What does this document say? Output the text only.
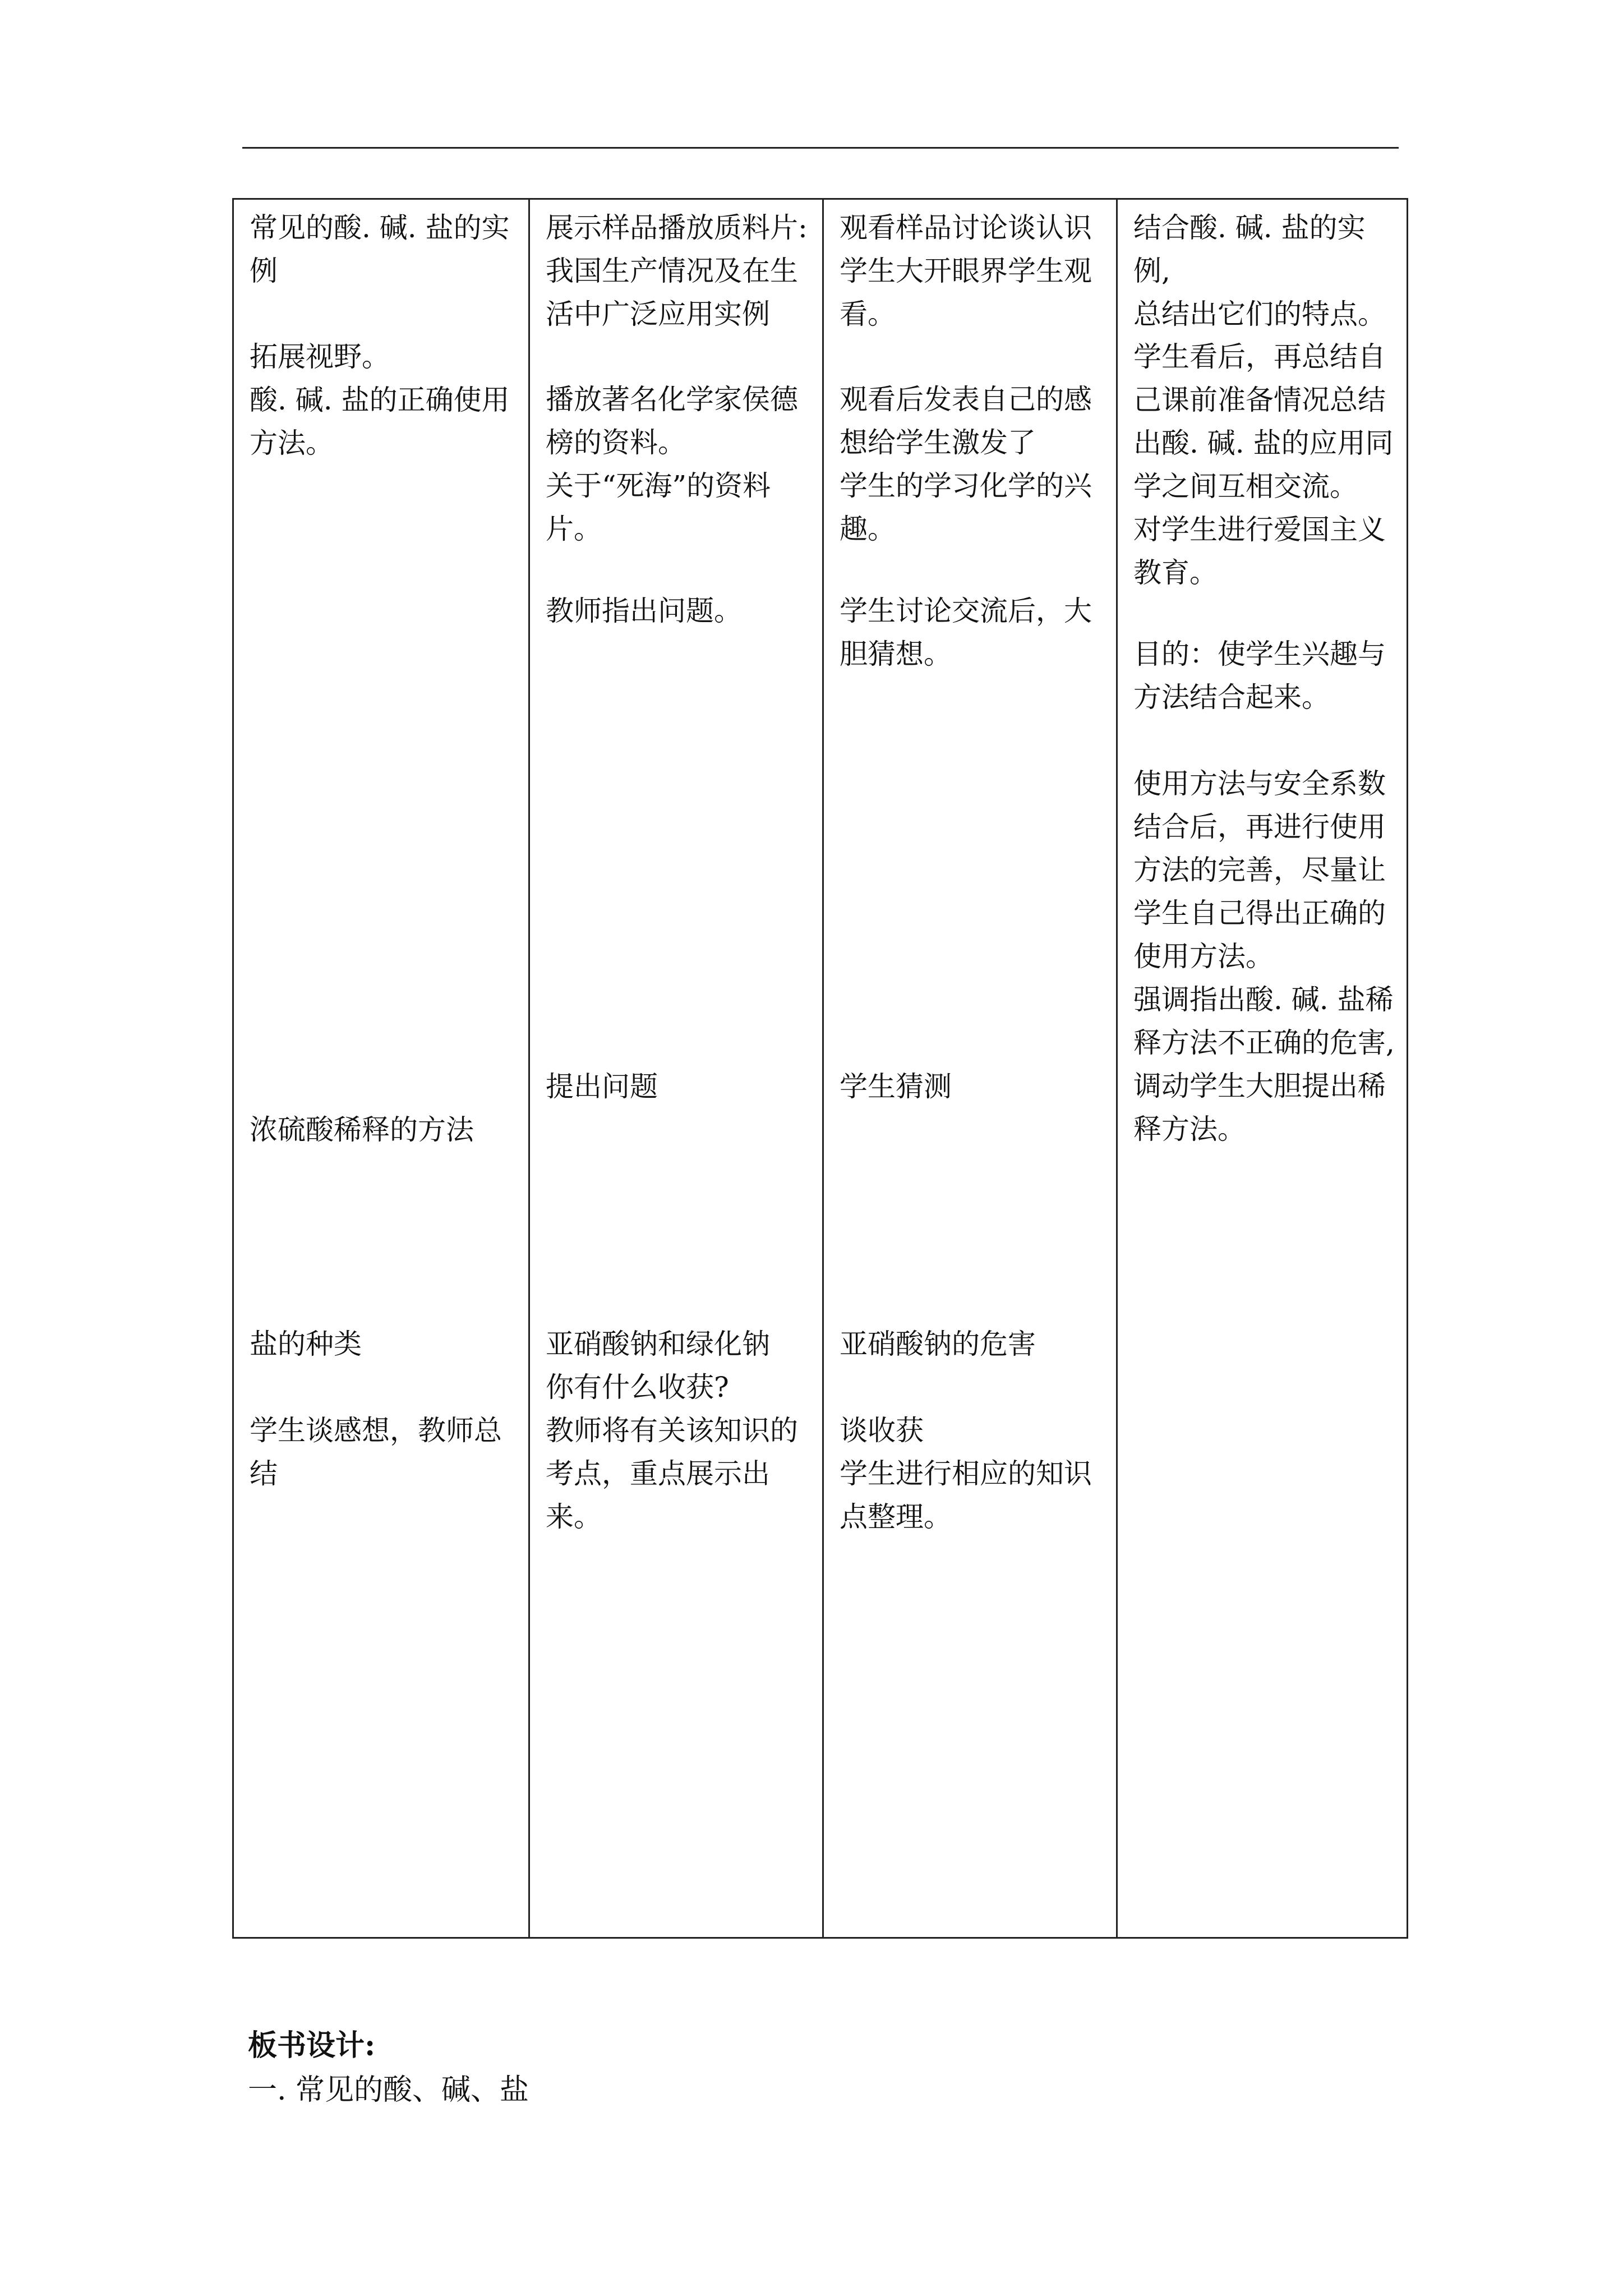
常见的酸. 碱. 盐的实
例
拓展视野。
酸. 碱. 盐的正确使用
方法。
浓硫酸稀释的方法
盐的种类
学生谈感想，教师总
结
展示样品播放质料片:
我国生产情况及在生
活中广泛应用实例
播放著名化学家侯德
榜的资料。
关于“死海”的资料
片。
教师指出问题。
提出问题
亚硝酸钠和绿化钠
你有什么收获?
教师将有关该知识的
考点，重点展示出来。
观看样品讨论谈认识
学生大开眼界学生观
看。
观看后发表自己的感
想给学生激发了
学生的学习化学的兴
趣。
学生讨论交流后，大
胆猜想。
学生猜测
亚硝酸钠的危害
谈收获
学生进行相应的知识
点整理。
结合酸. 碱. 盐的实例,
总结出它们的特点。
学生看后，再总结自
己课前准备情况总结
出酸. 碱. 盐的应用同
学之间互相交流。
对学生进行爱国主义
教育。
目的：使学生兴趣与
方法结合起来。
使用方法与安全系数
结合后，再进行使用
方法的完善，尽量让
学生自己得出正确的
使用方法。
强调指出酸. 碱. 盐稀
释方法不正确的危害,
调动学生大胆提出稀
释方法。
板书设计:
一. 常见的酸、碱、盐
